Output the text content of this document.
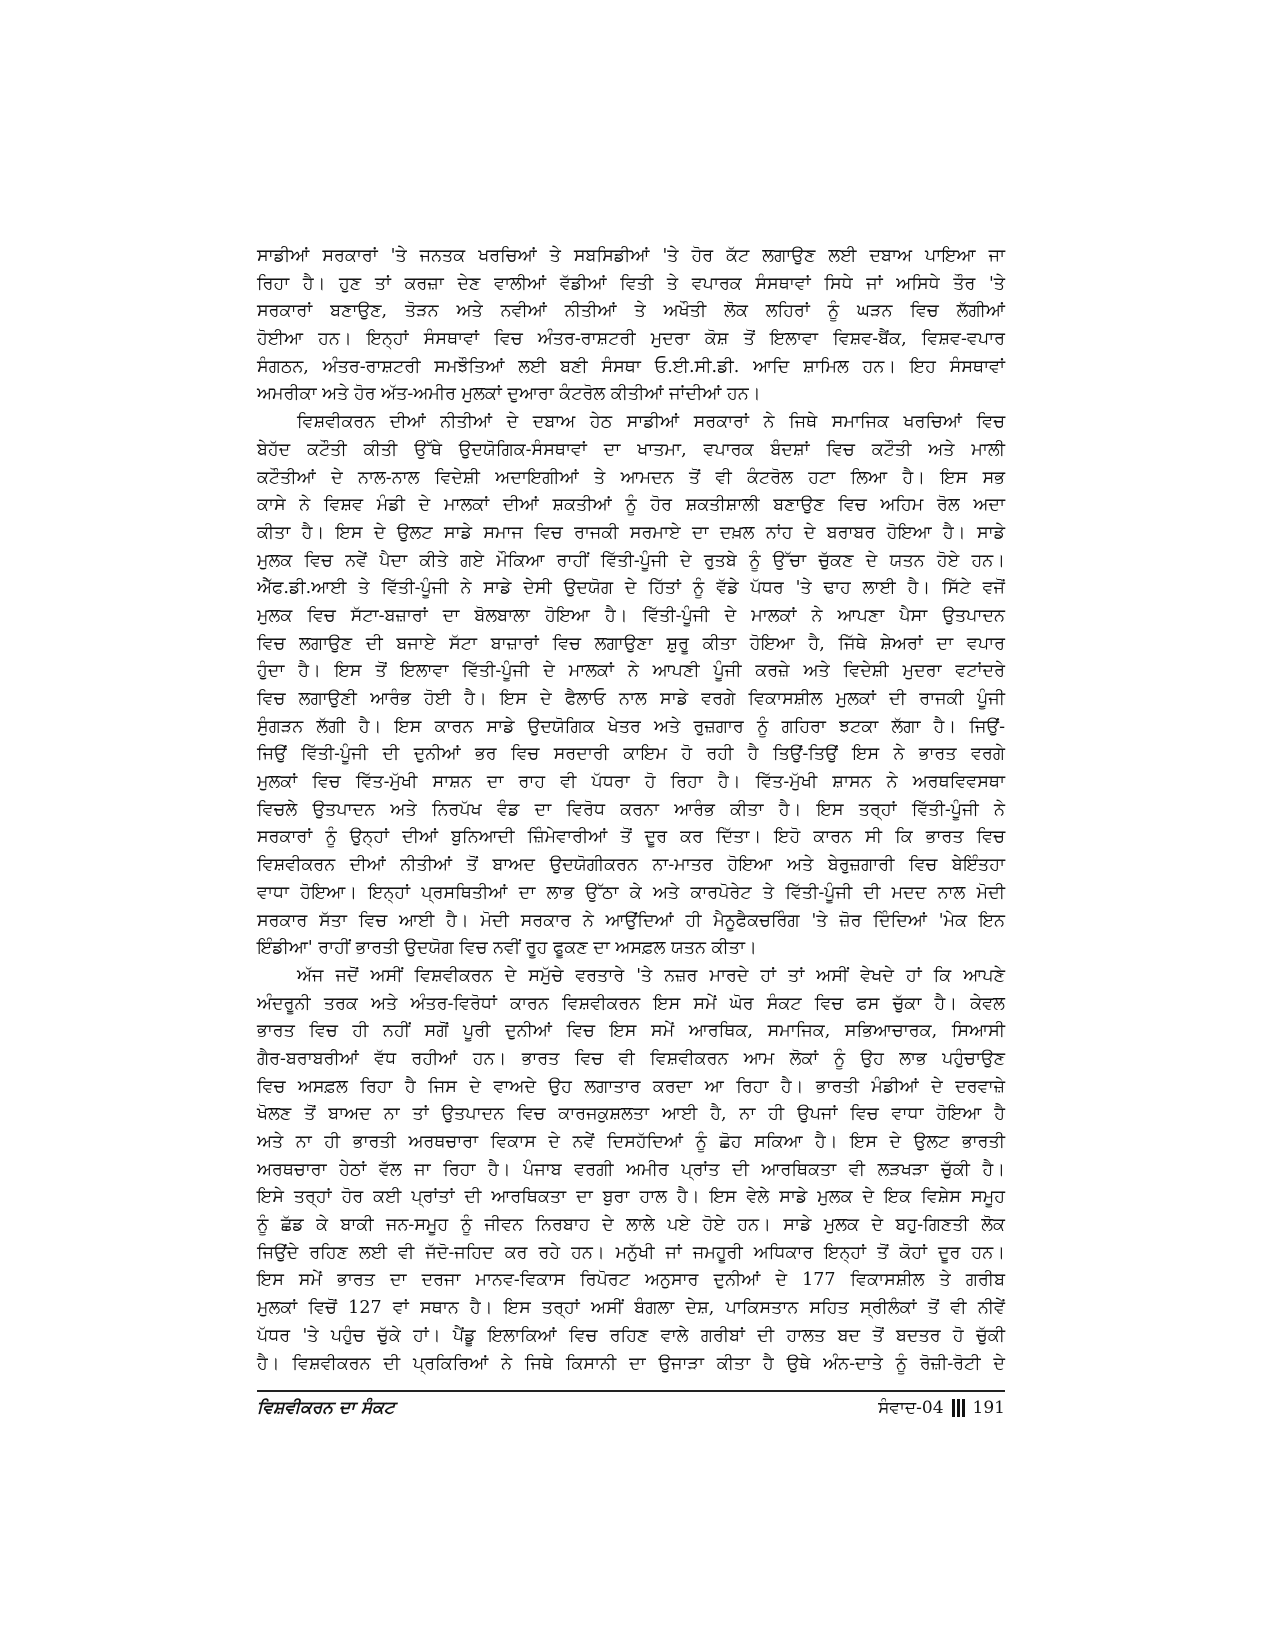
ਸਾਡੀਆਂ ਸਰਕਾਰਾਂ 'ਤੇ ਜਨਤਕ ਖਰਚਿਆਂ ਤੇ ਸਬਸਿਡੀਆਂ 'ਤੇ ਹੋਰ ਕੱਟ ਲਗਾਉਣ ਲਈ ਦਬਾਅ ਪਾਇਆ ਜਾ
ਰਿਹਾ ਹੈ। ਹੁਣ ਤਾਂ ਕਰਜ਼ਾ ਦੇਣ ਵਾਲੀਆਂ ਵੱਡੀਆਂ ਵਿਤੀ ਤੇ ਵਪਾਰਕ ਸੰਸਥਾਵਾਂ ਸਿਧੇ ਜਾਂ ਅਸਿਧੇ ਤੌਰ 'ਤੇ
ਸਰਕਾਰਾਂ ਬਣਾਉਣ, ਤੋੜਨ ਅਤੇ ਨਵੀਆਂ ਨੀਤੀਆਂ ਤੇ ਅਖੌਤੀ ਲੋਕ ਲਹਿਰਾਂ ਨੂੰ ਘੜਨ ਵਿਚ ਲੱਗੀਆਂ
ਹੋਈਆ ਹਨ। ਇਨ੍ਹਾਂ ਸੰਸਥਾਵਾਂ ਵਿਚ ਅੰਤਰ-ਰਾਸ਼ਟਰੀ ਮੁਦਰਾ ਕੋਸ਼ ਤੋਂ ਇਲਾਵਾ ਵਿਸ਼ਵ-ਬੈਂਕ, ਵਿਸ਼ਵ-ਵਪਾਰ
ਸੰਗਠਨ, ਅੰਤਰ-ਰਾਸ਼ਟਰੀ ਸਮਝੌਤਿਆਂ ਲਈ ਬਣੀ ਸੰਸਥਾ ਓ.ਈ.ਸੀ.ਡੀ. ਆਦਿ ਸ਼ਾਮਿਲ ਹਨ। ਇਹ ਸੰਸਥਾਵਾਂ
ਅਮਰੀਕਾ ਅਤੇ ਹੋਰ ਅੱਤ-ਅਮੀਰ ਮੁਲਕਾਂ ਦੁਆਰਾ ਕੰਟਰੋਲ ਕੀਤੀਆਂ ਜਾਂਦੀਆਂ ਹਨ।
ਵਿਸ਼ਵੀਕਰਨ ਦੀਆਂ ਨੀਤੀਆਂ ਦੇ ਦਬਾਅ ਹੇਠ ਸਾਡੀਆਂ ਸਰਕਾਰਾਂ ਨੇ ਜਿਥੇ ਸਮਾਜਿਕ ਖਰਚਿਆਂ ਵਿਚ
ਬੇਹੱਦ ਕਟੌਤੀ ਕੀਤੀ ਉੱਥੇ ਉਦਯੋਗਿਕ-ਸੰਸਥਾਵਾਂ ਦਾ ਖਾਤਮਾ, ਵਪਾਰਕ ਬੰਦਸ਼ਾਂ ਵਿਚ ਕਟੌਤੀ ਅਤੇ ਮਾਲੀ
ਕਟੌਤੀਆਂ ਦੇ ਨਾਲ-ਨਾਲ ਵਿਦੇਸ਼ੀ ਅਦਾਇਗੀਆਂ ਤੇ ਆਮਦਨ ਤੋਂ ਵੀ ਕੰਟਰੋਲ ਹਟਾ ਲਿਆ ਹੈ। ਇਸ ਸਭ
ਕਾਸੇ ਨੇ ਵਿਸ਼ਵ ਮੰਡੀ ਦੇ ਮਾਲਕਾਂ ਦੀਆਂ ਸ਼ਕਤੀਆਂ ਨੂੰ ਹੋਰ ਸ਼ਕਤੀਸ਼ਾਲੀ ਬਣਾਉਣ ਵਿਚ ਅਹਿਮ ਰੋਲ ਅਦਾ
ਕੀਤਾ ਹੈ। ਇਸ ਦੇ ਉਲਟ ਸਾਡੇ ਸਮਾਜ ਵਿਚ ਰਾਜਕੀ ਸਰਮਾਏ ਦਾ ਦਖ਼ਲ ਨਾਂਹ ਦੇ ਬਰਾਬਰ ਹੋਇਆ ਹੈ। ਸਾਡੇ
ਮੁਲਕ ਵਿਚ ਨਵੇਂ ਪੈਦਾ ਕੀਤੇ ਗਏ ਮੌਕਿਆ ਰਾਹੀਂ ਵਿੱਤੀ-ਪੂੰਜੀ ਦੇ ਰੁਤਬੇ ਨੂੰ ਉੱਚਾ ਚੁੱਕਣ ਦੇ ਯਤਨ ਹੋਏ ਹਨ।
ਐੱਫ.ਡੀ.ਆਈ ਤੇ ਵਿੱਤੀ-ਪੂੰਜੀ ਨੇ ਸਾਡੇ ਦੇਸੀ ਉਦਯੋਗ ਦੇ ਹਿੱਤਾਂ ਨੂੰ ਵੱਡੇ ਪੱਧਰ 'ਤੇ ਢਾਹ ਲਾਈ ਹੈ। ਸਿੱਟੇ ਵਜੋਂ
ਮੁਲਕ ਵਿਚ ਸੱਟਾ-ਬਜ਼ਾਰਾਂ ਦਾ ਬੋਲਬਾਲਾ ਹੋਇਆ ਹੈ। ਵਿੱਤੀ-ਪੂੰਜੀ ਦੇ ਮਾਲਕਾਂ ਨੇ ਆਪਣਾ ਪੈਸਾ ਉਤਪਾਦਨ
ਵਿਚ ਲਗਾਉਣ ਦੀ ਬਜਾਏ ਸੱਟਾ ਬਾਜ਼ਾਰਾਂ ਵਿਚ ਲਗਾਉਣਾ ਸ਼ੁਰੂ ਕੀਤਾ ਹੋਇਆ ਹੈ, ਜਿੱਥੇ ਸ਼ੇਅਰਾਂ ਦਾ ਵਪਾਰ
ਹੁੰਦਾ ਹੈ। ਇਸ ਤੋਂ ਇਲਾਵਾ ਵਿੱਤੀ-ਪੂੰਜੀ ਦੇ ਮਾਲਕਾਂ ਨੇ ਆਪਣੀ ਪੂੰਜੀ ਕਰਜ਼ੇ ਅਤੇ ਵਿਦੇਸ਼ੀ ਮੁਦਰਾ ਵਟਾਂਦਰੇ
ਵਿਚ ਲਗਾਉਣੀ ਆਰੰਭ ਹੋਈ ਹੈ। ਇਸ ਦੇ ਫੈਲਾਓ ਨਾਲ ਸਾਡੇ ਵਰਗੇ ਵਿਕਾਸਸ਼ੀਲ ਮੁਲਕਾਂ ਦੀ ਰਾਜਕੀ ਪੂੰਜੀ
ਸੁੰਗੜਨ ਲੱਗੀ ਹੈ। ਇਸ ਕਾਰਨ ਸਾਡੇ ਉਦਯੋਗਿਕ ਖੇਤਰ ਅਤੇ ਰੁਜ਼ਗਾਰ ਨੂੰ ਗਹਿਰਾ ਝਟਕਾ ਲੱਗਾ ਹੈ। ਜਿਉਂ-
ਜਿਉਂ ਵਿੱਤੀ-ਪੂੰਜੀ ਦੀ ਦੁਨੀਆਂ ਭਰ ਵਿਚ ਸਰਦਾਰੀ ਕਾਇਮ ਹੋ ਰਹੀ ਹੈ ਤਿਉਂ-ਤਿਉਂ ਇਸ ਨੇ ਭਾਰਤ ਵਰਗੇ
ਮੁਲਕਾਂ ਵਿਚ ਵਿੱਤ-ਮੁੱਖੀ ਸਾਸ਼ਨ ਦਾ ਰਾਹ ਵੀ ਪੱਧਰਾ ਹੋ ਰਿਹਾ ਹੈ। ਵਿੱਤ-ਮੁੱਖੀ ਸ਼ਾਸਨ ਨੇ ਅਰਥਵਿਵਸਥਾ
ਵਿਚਲੇ ਉਤਪਾਦਨ ਅਤੇ ਨਿਰਪੱਖ ਵੰਡ ਦਾ ਵਿਰੋਧ ਕਰਨਾ ਆਰੰਭ ਕੀਤਾ ਹੈ। ਇਸ ਤਰ੍ਹਾਂ ਵਿੱਤੀ-ਪੂੰਜੀ ਨੇ
ਸਰਕਾਰਾਂ ਨੂੰ ਉਨ੍ਹਾਂ ਦੀਆਂ ਬੁਨਿਆਦੀ ਜ਼ਿੰਮੇਵਾਰੀਆਂ ਤੋਂ ਦੂਰ ਕਰ ਦਿੱਤਾ। ਇਹੋ ਕਾਰਨ ਸੀ ਕਿ ਭਾਰਤ ਵਿਚ
ਵਿਸ਼ਵੀਕਰਨ ਦੀਆਂ ਨੀਤੀਆਂ ਤੋਂ ਬਾਅਦ ਉਦਯੋਗੀਕਰਨ ਨਾ-ਮਾਤਰ ਹੋਇਆ ਅਤੇ ਬੇਰੁਜ਼ਗਾਰੀ ਵਿਚ ਬੇਇੰਤਹਾ
ਵਾਧਾ ਹੋਇਆ। ਇਨ੍ਹਾਂ ਪ੍ਰਸਥਿਤੀਆਂ ਦਾ ਲਾਭ ਉੱਠਾ ਕੇ ਅਤੇ ਕਾਰਪੋਰੇਟ ਤੇ ਵਿੱਤੀ-ਪੂੰਜੀ ਦੀ ਮਦਦ ਨਾਲ ਮੋਦੀ
ਸਰਕਾਰ ਸੱਤਾ ਵਿਚ ਆਈ ਹੈ। ਮੋਦੀ ਸਰਕਾਰ ਨੇ ਆਉਂਦਿਆਂ ਹੀ ਮੈਨੂਫੈਕਚਰਿੰਗ 'ਤੇ ਜ਼ੋਰ ਦਿੰਦਿਆਂ 'ਮੇਕ ਇਨ
ਇੰਡੀਆ' ਰਾਹੀਂ ਭਾਰਤੀ ਉਦਯੋਗ ਵਿਚ ਨਵੀਂ ਰੂਹ ਫੂਕਣ ਦਾ ਅਸਫ਼ਲ ਯਤਨ ਕੀਤਾ।
ਅੱਜ ਜਦੋਂ ਅਸੀਂ ਵਿਸ਼ਵੀਕਰਨ ਦੇ ਸਮੁੱਚੇ ਵਰਤਾਰੇ 'ਤੇ ਨਜ਼ਰ ਮਾਰਦੇ ਹਾਂ ਤਾਂ ਅਸੀਂ ਵੇਖਦੇ ਹਾਂ ਕਿ ਆਪਣੇ
ਅੰਦਰੂਨੀ ਤਰਕ ਅਤੇ ਅੰਤਰ-ਵਿਰੋਧਾਂ ਕਾਰਨ ਵਿਸ਼ਵੀਕਰਨ ਇਸ ਸਮੇਂ ਘੋਰ ਸੰਕਟ ਵਿਚ ਫਸ ਚੁੱਕਾ ਹੈ। ਕੇਵਲ
ਭਾਰਤ ਵਿਚ ਹੀ ਨਹੀਂ ਸਗੋਂ ਪੂਰੀ ਦੁਨੀਆਂ ਵਿਚ ਇਸ ਸਮੇਂ ਆਰਥਿਕ, ਸਮਾਜਿਕ, ਸਭਿਆਚਾਰਕ, ਸਿਆਸੀ
ਗੈਰ-ਬਰਾਬਰੀਆਂ ਵੱਧ ਰਹੀਆਂ ਹਨ। ਭਾਰਤ ਵਿਚ ਵੀ ਵਿਸ਼ਵੀਕਰਨ ਆਮ ਲੋਕਾਂ ਨੂੰ ਉਹ ਲਾਭ ਪਹੁੰਚਾਉਣ
ਵਿਚ ਅਸਫ਼ਲ ਰਿਹਾ ਹੈ ਜਿਸ ਦੇ ਵਾਅਦੇ ਉਹ ਲਗਾਤਾਰ ਕਰਦਾ ਆ ਰਿਹਾ ਹੈ। ਭਾਰਤੀ ਮੰਡੀਆਂ ਦੇ ਦਰਵਾਜ਼ੇ
ਖੋਲਣ ਤੋਂ ਬਾਅਦ ਨਾ ਤਾਂ ਉਤਪਾਦਨ ਵਿਚ ਕਾਰਜਕੁਸ਼ਲਤਾ ਆਈ ਹੈ, ਨਾ ਹੀ ਉਪਜਾਂ ਵਿਚ ਵਾਧਾ ਹੋਇਆ ਹੈ
ਅਤੇ ਨਾ ਹੀ ਭਾਰਤੀ ਅਰਥਚਾਰਾ ਵਿਕਾਸ ਦੇ ਨਵੇਂ ਦਿਸਹੱਦਿਆਂ ਨੂੰ ਛੋਹ ਸਕਿਆ ਹੈ। ਇਸ ਦੇ ਉਲਟ ਭਾਰਤੀ
ਅਰਥਚਾਰਾ ਹੇਠਾਂ ਵੱਲ ਜਾ ਰਿਹਾ ਹੈ। ਪੰਜਾਬ ਵਰਗੀ ਅਮੀਰ ਪ੍ਰਾਂਤ ਦੀ ਆਰਥਿਕਤਾ ਵੀ ਲੜਖੜਾ ਚੁੱਕੀ ਹੈ।
ਇਸੇ ਤਰ੍ਹਾਂ ਹੋਰ ਕਈ ਪ੍ਰਾਂਤਾਂ ਦੀ ਆਰਥਿਕਤਾ ਦਾ ਬੁਰਾ ਹਾਲ ਹੈ। ਇਸ ਵੇਲੇ ਸਾਡੇ ਮੁਲਕ ਦੇ ਇਕ ਵਿਸ਼ੇਸ ਸਮੂਹ
ਨੂੰ ਛੱਡ ਕੇ ਬਾਕੀ ਜਨ-ਸਮੂਹ ਨੂੰ ਜੀਵਨ ਨਿਰਬਾਹ ਦੇ ਲਾਲੇ ਪਏ ਹੋਏ ਹਨ। ਸਾਡੇ ਮੁਲਕ ਦੇ ਬਹੁ-ਗਿਣਤੀ ਲੋਕ
ਜਿਉਂਦੇ ਰਹਿਣ ਲਈ ਵੀ ਜੱਦੋ-ਜਹਿਦ ਕਰ ਰਹੇ ਹਨ। ਮਨੁੱਖੀ ਜਾਂ ਜਮਹੂਰੀ ਅਧਿਕਾਰ ਇਨ੍ਹਾਂ ਤੋਂ ਕੋਹਾਂ ਦੂਰ ਹਨ।
ਇਸ ਸਮੇਂ ਭਾਰਤ ਦਾ ਦਰਜਾ ਮਾਨਵ-ਵਿਕਾਸ ਰਿਪੋਰਟ ਅਨੁਸਾਰ ਦੁਨੀਆਂ ਦੇ 177 ਵਿਕਾਸਸ਼ੀਲ ਤੇ ਗਰੀਬ
ਮੁਲਕਾਂ ਵਿਚੋਂ 127 ਵਾਂ ਸਥਾਨ ਹੈ। ਇਸ ਤਰ੍ਹਾਂ ਅਸੀਂ ਬੰਗਲਾ ਦੇਸ਼, ਪਾਕਿਸਤਾਨ ਸਹਿਤ ਸ੍ਰੀਲੰਕਾਂ ਤੋਂ ਵੀ ਨੀਵੇਂ
ਪੱਧਰ 'ਤੇ ਪਹੁੰਚ ਚੁੱਕੇ ਹਾਂ। ਪੈਂਡੂ ਇਲਾਕਿਆਂ ਵਿਚ ਰਹਿਣ ਵਾਲੇ ਗਰੀਬਾਂ ਦੀ ਹਾਲਤ ਬਦ ਤੋਂ ਬਦਤਰ ਹੋ ਚੁੱਕੀ
ਹੈ। ਵਿਸ਼ਵੀਕਰਨ ਦੀ ਪ੍ਰਕਿਰਿਆਂ ਨੇ ਜਿਥੇ ਕਿਸਾਨੀ ਦਾ ਉਜਾੜਾ ਕੀਤਾ ਹੈ ਉਥੇ ਅੰਨ-ਦਾਤੇ ਨੂੰ ਰੋਜ਼ੀ-ਰੋਟੀ ਦੇ
ਵਿਸ਼ਵੀਕਰਨ ਦਾ ਸੰਕਟ	ਸੰਵਾਦ-04 191
